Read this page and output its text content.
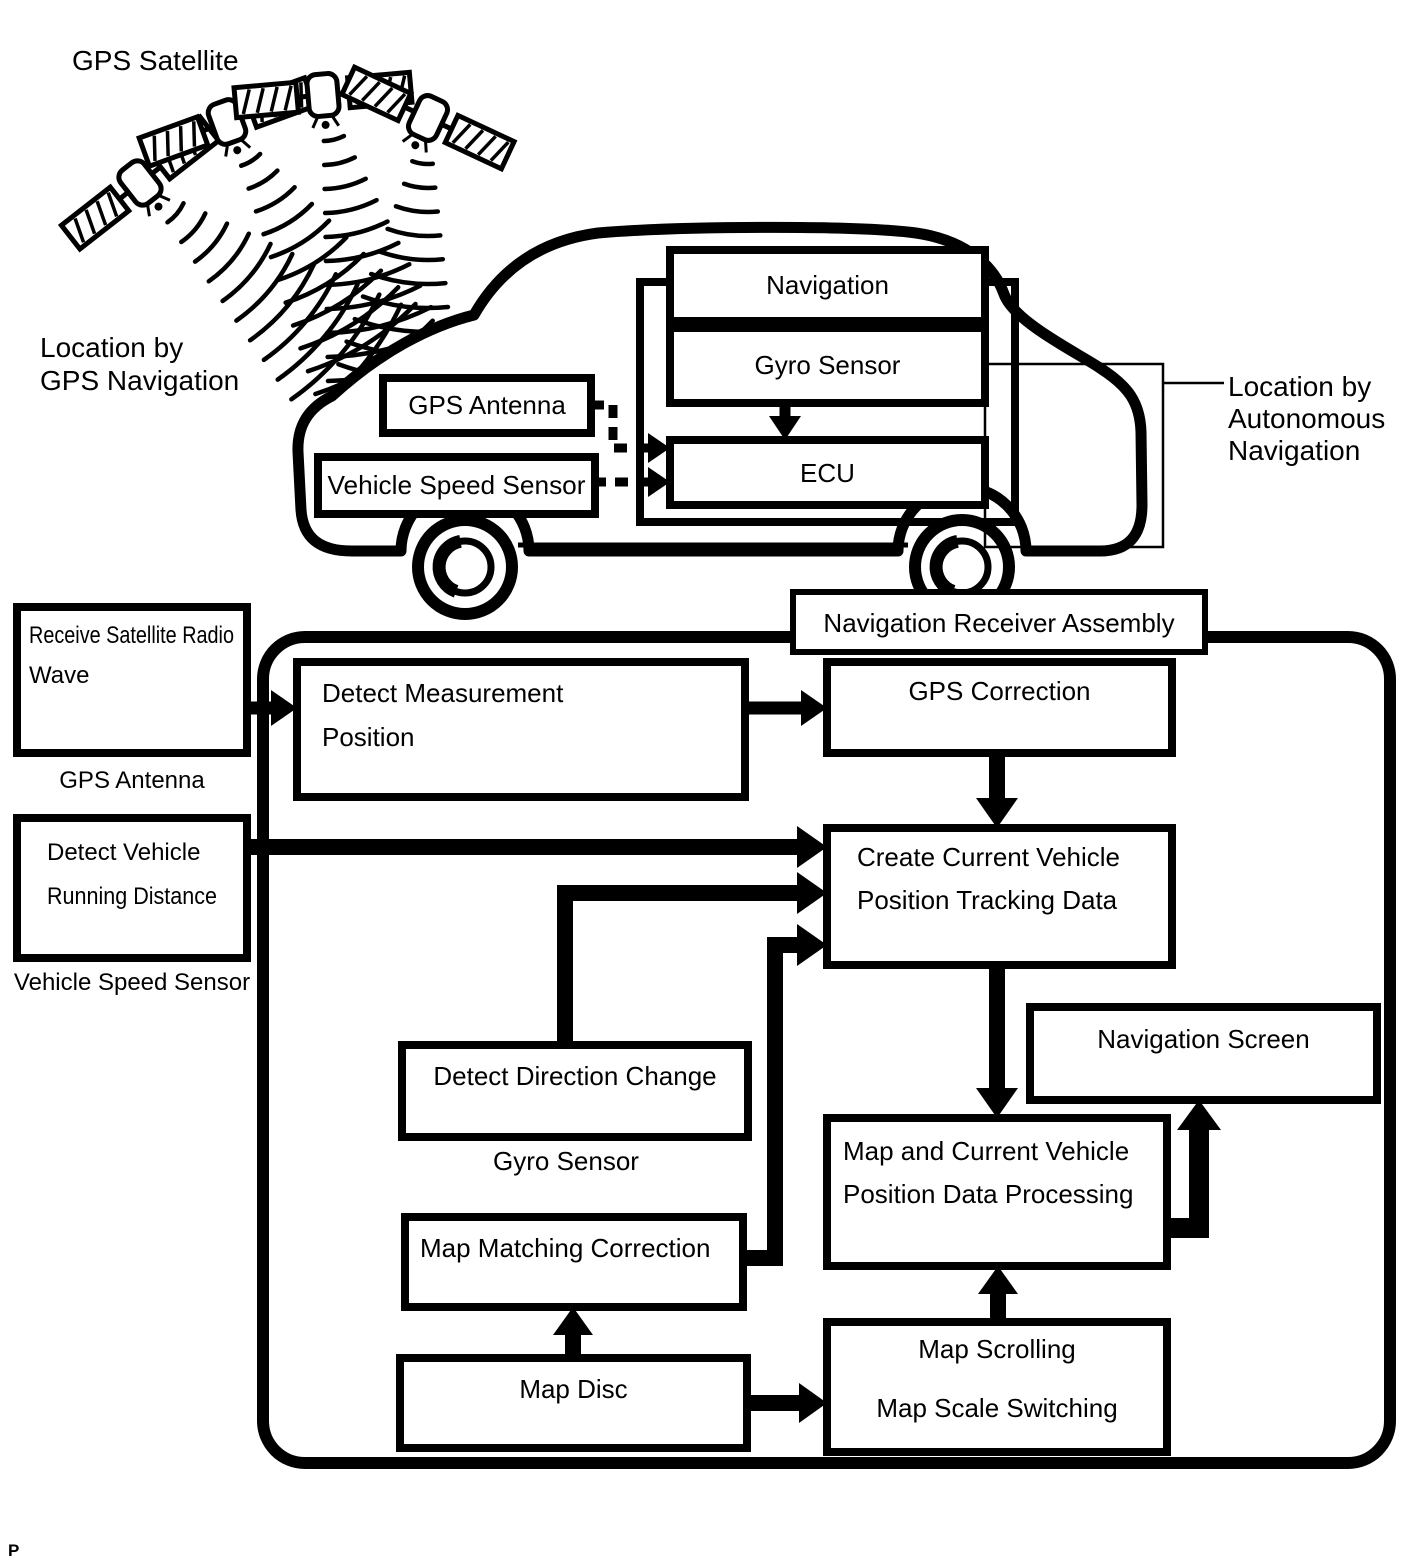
Navigation
Gyro Sensor
ECU
GPS Antenna
Vehicle Speed Sensor
Navigation Receiver Assembly
Receive Satellite Radio
Wave
Detect Vehicle
Running Distance
Detect Measurement
Position
GPS Correction
Create Current Vehicle
Position Tracking Data
Navigation Screen
Map and Current Vehicle
Position Data Processing
Detect Direction Change
Map Matching Correction
Map Disc
Map Scrolling
Map Scale Switching
GPS Antenna
Vehicle Speed Sensor
Gyro Sensor
GPS Satellite
Location by
GPS Navigation	Location by
Autonomous
Navigation
P
